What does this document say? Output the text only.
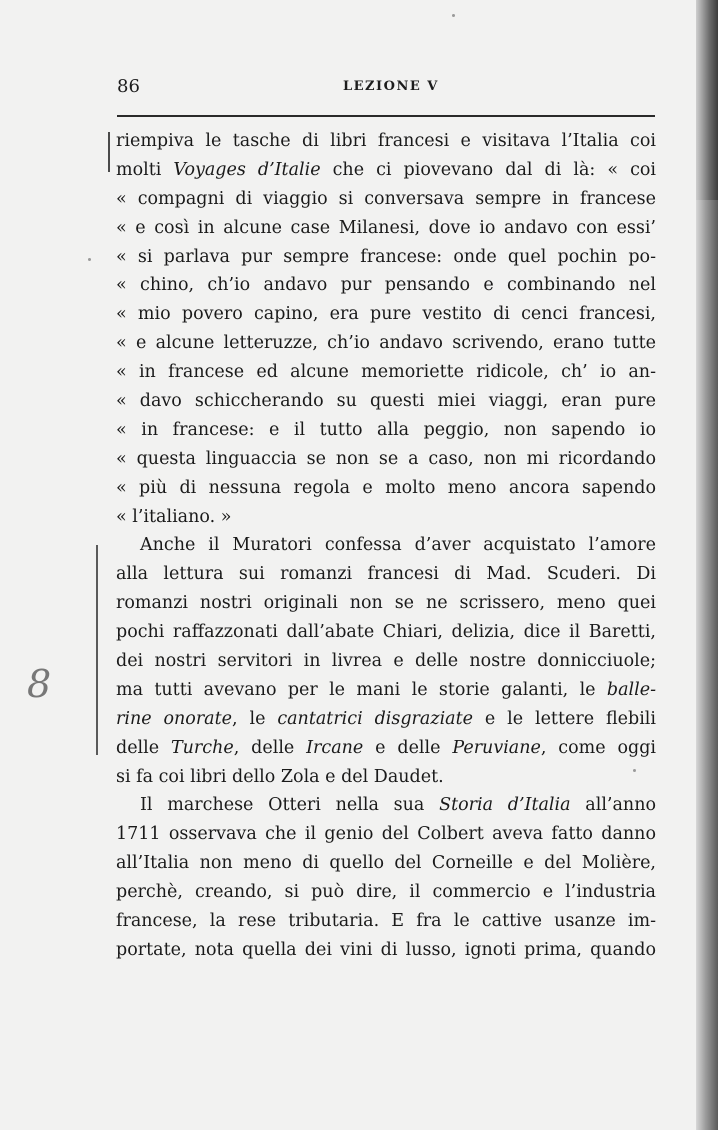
86	LEZIONE V
8
riempiva le tasche di libri francesi e visitava l’Italia coi
molti Voyages d’Italie che ci piovevano dal di là: « coi
« compagni di viaggio si conversava sempre in francese
« e così in alcune case Milanesi, dove io andavo con essi’
« si parlava pur sempre francese: onde quel pochin po-
« chino, ch’io andavo pur pensando e combinando nel
« mio povero capino, era pure vestito di cenci francesi,
« e alcune letteruzze, ch’io andavo scrivendo, erano tutte
« in francese ed alcune memoriette ridicole, ch’ io an-
« davo schiccherando su questi miei viaggi, eran pure
« in francese: e il tutto alla peggio, non sapendo io
« questa linguaccia se non se a caso, non mi ricordando
« più di nessuna regola e molto meno ancora sapendo
« l’italiano. »
Anche il Muratori confessa d’aver acquistato l’amore
alla lettura sui romanzi francesi di Mad. Scuderi. Di
romanzi nostri originali non se ne scrissero, meno quei
pochi raffazzonati dall’abate Chiari, delizia, dice il Baretti,
dei nostri servitori in livrea e delle nostre donnicciuole;
ma tutti avevano per le mani le storie galanti, le balle-
rine onorate, le cantatrici disgraziate e le lettere flebili
delle Turche, delle Ircane e delle Peruviane, come oggi
si fa coi libri dello Zola e del Daudet.
Il marchese Otteri nella sua Storia d’Italia all’anno
1711 osservava che il genio del Colbert aveva fatto danno
all’Italia non meno di quello del Corneille e del Molière,
perchè, creando, si può dire, il commercio e l’industria
francese, la rese tributaria. E fra le cattive usanze im-
portate, nota quella dei vini di lusso, ignoti prima, quando
